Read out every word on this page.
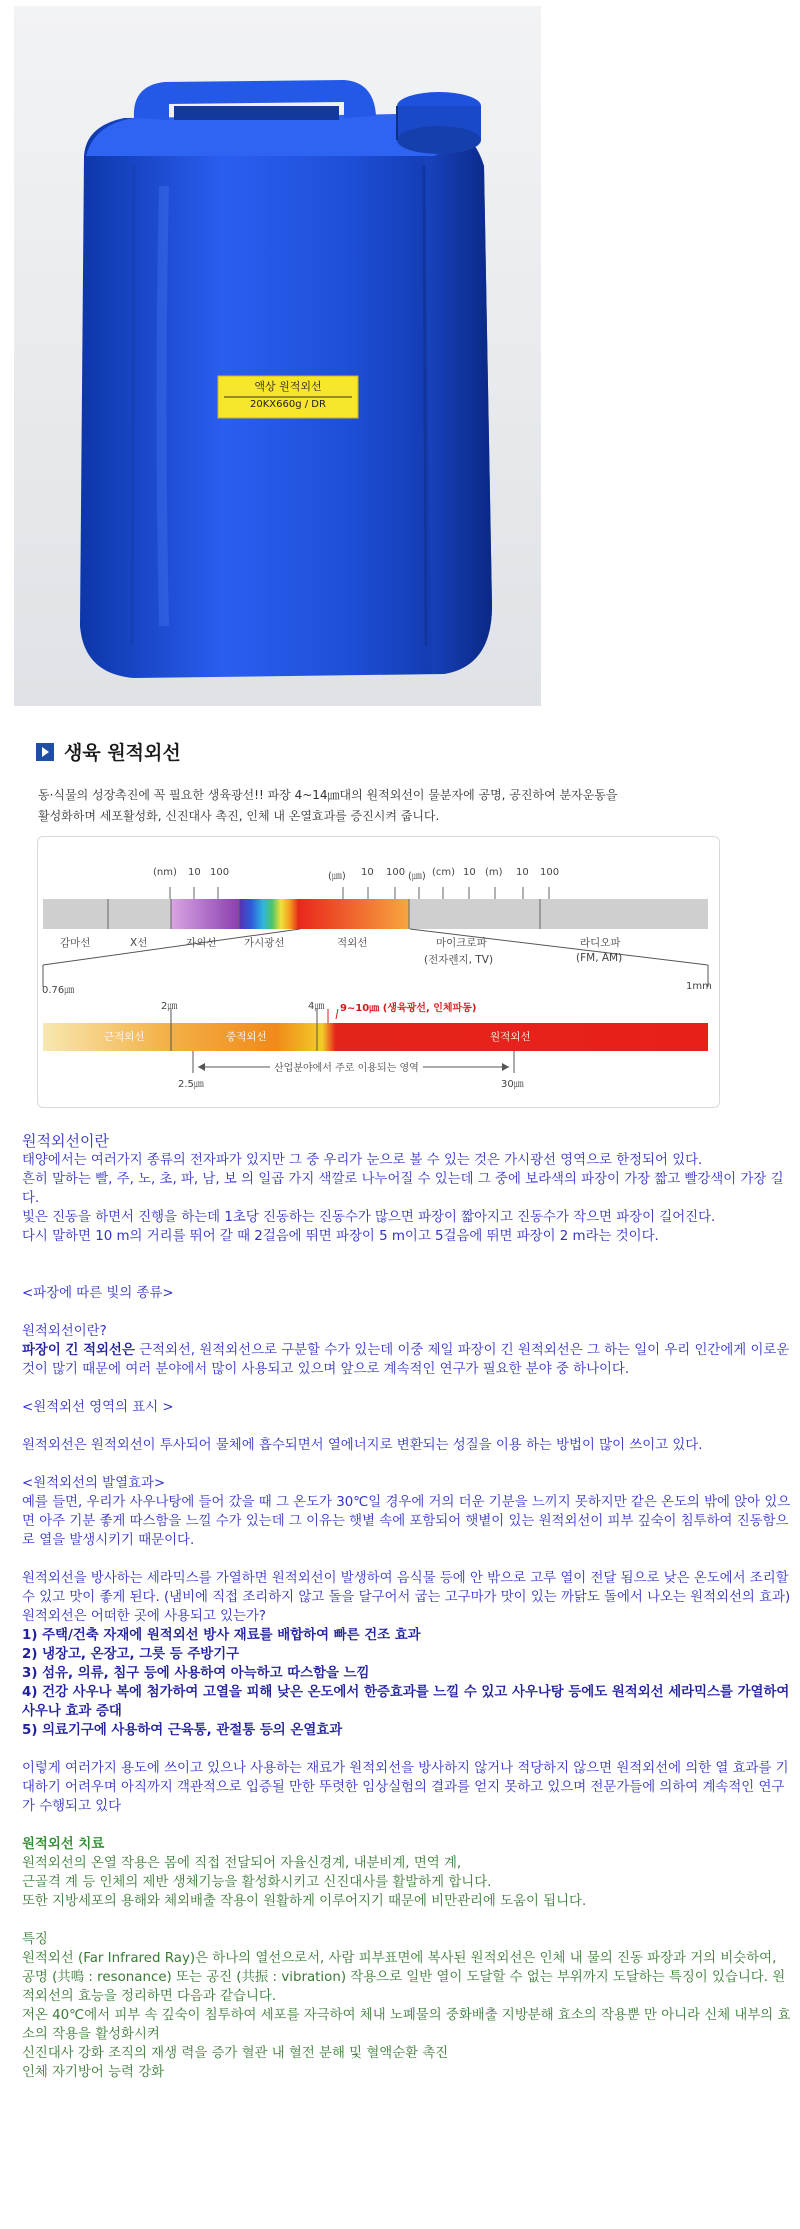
액상 원적외선
20KX660g / DR
생육 원적외선
동·식물의 성장촉진에 꼭 필요한 생육광선!! 파장 4~14㎛대의 원적외선이 물분자에 공명, 공진하여 분자운동을
활성화하며 세포활성화, 신진대사 촉진, 인체 내 온열효과를 증진시켜 줍니다.
(nm) 10 100	(㎛) 10 100 (㎛) (cm) 10 (m) 10 100
감마선	X선	자외선	가시광선	적외선	마이크로파
(전자렌지, TV)
라디오파
(FM, AM)
0.76㎛	1mm
2㎛	4㎛ 9~10㎛ (생육광선, 인체파동)
근적외선	중적외선	원적외선
2.5㎛
산업분야에서 주로 이용되는 영역
30㎛

원적외선이란

태양에서는 여러가지 종류의 전자파가 있지만 그 중 우리가 눈으로 볼 수 있는 것은 가시광선 영역으로 한정되어 있다.

흔히 말하는 빨, 주, 노, 초, 파, 남, 보 의 일곱 가지 색깔로 나누어질 수 있는데 그 중에 보라색의 파장이 가장 짧고 빨강색이 가장 길다.

빛은 진동을 하면서 진행을 하는데 1초당 진동하는 진동수가 많으면 파장이 짧아지고 진동수가 작으면 파장이 길어진다.

다시 말하면 10 m의 거리를 뛰어 갈 때 2걸음에 뛰면 파장이 5 m이고 5걸음에 뛰면 파장이 2 m라는 것이다.

<파장에 따른 빛의 종류>

원적외선이란?

파장이 긴 적외선은 근적외선, 원적외선으로 구분할 수가 있는데 이중 제일 파장이 긴 원적외선은 그 하는 일이 우리 인간에게 이로운 것이 많기 때문에 여러 분야에서 많이 사용되고 있으며 앞으로 계속적인 연구가 필요한 분야 중 하나이다.

<원적외선 영역의 표시 >

원적외선은 원적외선이 투사되어 물체에 흡수되면서 열에너지로 변환되는 성질을 이용 하는 방법이 많이 쓰이고 있다.

<원적외선의 발열효과>

예를 들면, 우리가 사우나탕에 들어 갔을 때 그 온도가 30℃일 경우에 거의 더운 기분을 느끼지 못하지만 같은 온도의 밖에 앉아 있으면 아주 기분 좋게 따스함을 느낄 수가 있는데 그 이유는 햇볕 속에 포함되어 햇볕이 있는 원적외선이 피부 깊숙이 침투하여 진동함으로 열을 발생시키기 때문이다.

원적외선을 방사하는 세라믹스를 가열하면 원적외선이 발생하여 음식물 등에 안 밖으로 고루 열이 전달 됨으로 낮은 온도에서 조리할 수 있고 맛이 좋게 된다. (냄비에 직접 조리하지 않고 돌을 달구어서 굽는 고구마가 맛이 있는 까닭도 돌에서 나오는 원적외선의 효과)

원적외선은 어떠한 곳에 사용되고 있는가?

1) 주택/건축 자재에 원적외선 방사 재료를 배합하여 빠른 건조 효과

2) 냉장고, 온장고, 그릇 등 주방기구

3) 섬유, 의류, 침구 등에 사용하여 아늑하고 따스함을 느낌

4) 건강 사우나 복에 첨가하여 고열을 피해 낮은 온도에서 한증효과를 느낄 수 있고 사우나탕 등에도 원적외선 세라믹스를 가열하여 사우나 효과 증대

5) 의료기구에 사용하여 근육통, 관절통 등의 온열효과

이렇게 여러가지 용도에 쓰이고 있으나 사용하는 재료가 원적외선을 방사하지 않거나 적당하지 않으면 원적외선에 의한 열 효과를 기대하기 어려우며 아직까지 객관적으로 입증될 만한 뚜렷한 임상실험의 결과를 얻지 못하고 있으며 전문가들에 의하여 계속적인 연구가 수행되고 있다

원적외선 치료

원적외선의 온열 작용은 몸에 직접 전달되어 자율신경계, 내분비계, 면역 계,

근골격 계 등 인체의 제반 생체기능을 활성화시키고 신진대사를 활발하게 합니다.

또한 지방세포의 용해와 체외배출 작용이 원활하게 이루어지기 때문에 비만관리에 도움이 됩니다.

특징

원적외선 (Far Infrared Ray)은 하나의 열선으로서, 사람 피부표면에 복사된 원적외선은 인체 내 물의 진동 파장과 거의 비슷하여, 공명 (共鳴 : resonance) 또는 공진 (共振 : vibration) 작용으로 일반 열이 도달할 수 없는 부위까지 도달하는 특징이 있습니다. 원적외선의 효능을 정리하면 다음과 같습니다.

저온 40℃에서 피부 속 깊숙이 침투하여 세포를 자극하여 체내 노폐물의 중화배출 지방분해 효소의 작용뿐 만 아니라 신체 내부의 효소의 작용을 활성화시켜

신진대사 강화 조직의 재생 력을 증가 혈관 내 혈전 분해 및 혈액순환 촉진

인체 자기방어 능력 강화
